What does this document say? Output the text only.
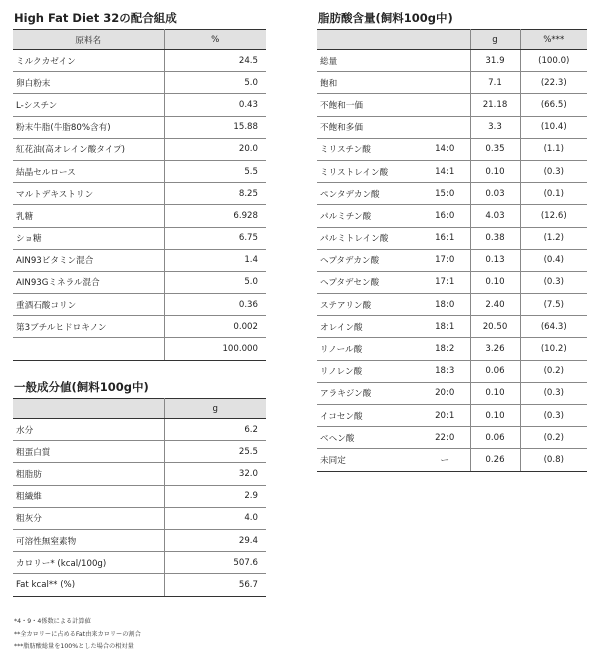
High Fat Diet 32の配合組成
原料名	%
ミルクカゼイン	24.5
卵白粉末	5.0
L-シスチン	0.43
粉末牛脂(牛脂80%含有)	15.88
紅花油(高オレイン酸タイプ)	20.0
結晶セルロース	5.5
マルトデキストリン	8.25
乳糖	6.928
ショ糖	6.75
AIN93ビタミン混合	1.4
AIN93Gミネラル混合	5.0
重酒石酸コリン	0.36
第3ブチルヒドロキノン	0.002
	100.000
一般成分値(飼料100g中)
	g
水分	6.2
粗蛋白質	25.5
粗脂肪	32.0
粗繊維	2.9
粗灰分	4.0
可溶性無窒素物	29.4
カロリー* (kcal/100g)	507.6
Fat kcal** (%)	56.7
脂肪酸含量(飼料100g中)
		g	%***
総量		31.9	(100.0)
飽和		7.1	(22.3)
不飽和一価		21.18	(66.5)
不飽和多価		3.3	(10.4)
ミリスチン酸	14:0	0.35	(1.1)
ミリストレイン酸	14:1	0.10	(0.3)
ペンタデカン酸	15:0	0.03	(0.1)
パルミチン酸	16:0	4.03	(12.6)
パルミトレイン酸	16:1	0.38	(1.2)
ヘプタデカン酸	17:0	0.13	(0.4)
ヘプタデセン酸	17:1	0.10	(0.3)
ステアリン酸	18:0	2.40	(7.5)
オレイン酸	18:1	20.50	(64.3)
リノール酸	18:2	3.26	(10.2)
リノレン酸	18:3	0.06	(0.2)
アラキジン酸	20:0	0.10	(0.3)
イコセン酸	20:1	0.10	(0.3)
ベヘン酸	22:0	0.06	(0.2)
未同定	ー	0.26	(0.8)
*4・9・4係数による計算値
**全カロリーに占めるFat由来カロリーの割合
***脂肪酸総量を100%とした場合の相対量
